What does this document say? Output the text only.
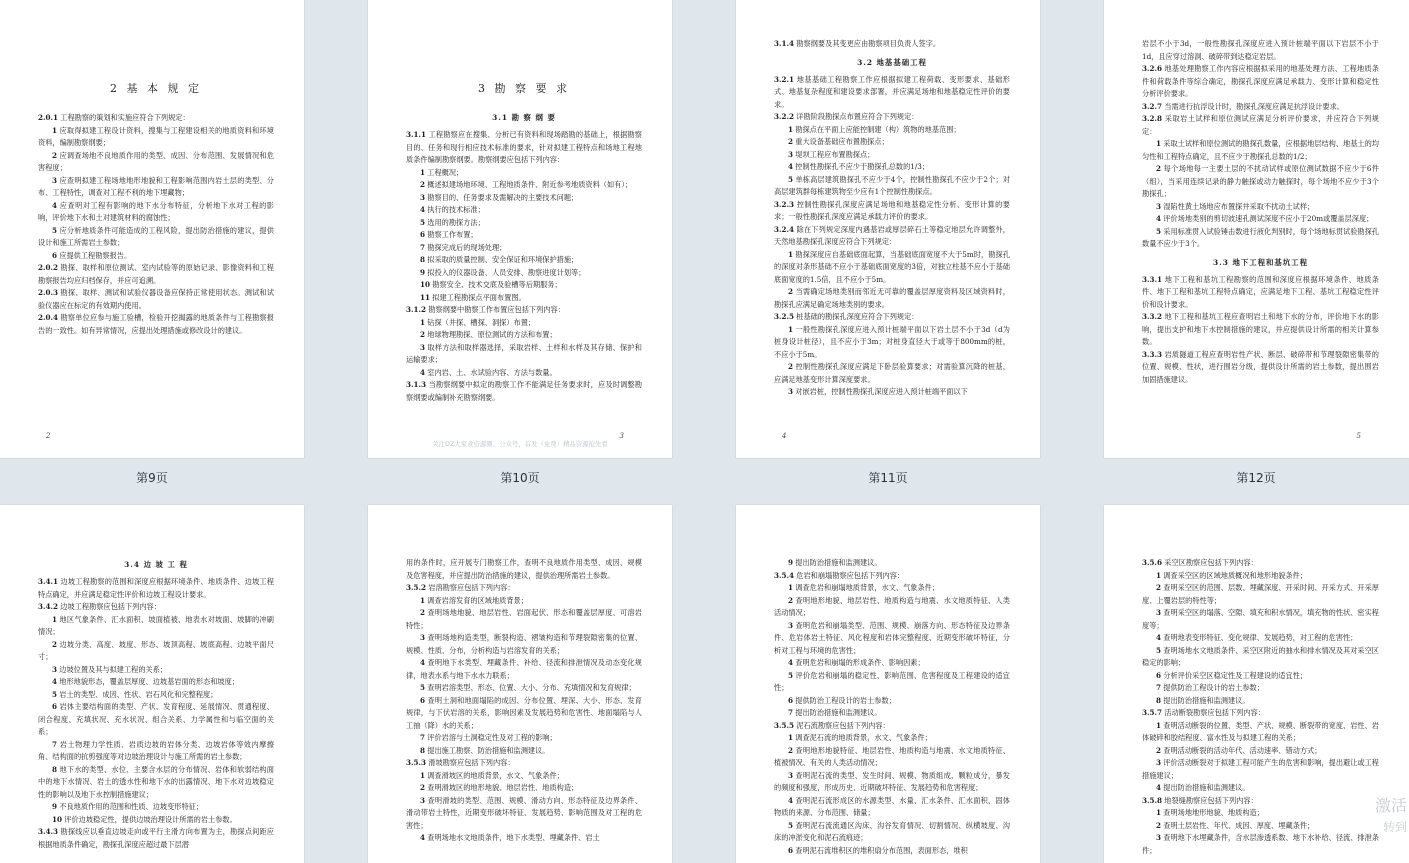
2 基 本 规 定

2.0.1 工程勘察的策划和实施应符合下列规定：

1 应取得拟建工程设计资料，搜集与工程建设相关的地质资料和环境资料，编制勘察纲要；

2 应调查场地不良地质作用的类型、成因、分布范围、发展情况和危害程度；

3 应查明拟建工程场地地形地貌和工程影响范围内岩土层的类型、分布、工程特性，调查对工程不利的地下埋藏物；

4 应查明对工程有影响的地下水分布特征，分析地下水对工程的影响，评价地下水和土对建筑材料的腐蚀性；

5 应分析地质条件可能造成的工程风险，提出防治措施的建议，提供设计和施工所需岩土参数；

6 应提供工程勘察报告。

2.0.2 勘探、取样和原位测试、室内试验等的原始记录、影像资料和工程勘察报告均应归档保存，并应可追溯。

2.0.3 勘探、取样、测试和试验仪器设备应保持正常使用状态。测试和试验仪器应在标定的有效期内使用。

2.0.4 勘察单位应参与施工验槽，检验开挖揭露的地质条件与工程勘察报告的一致性。如有异常情况，应提出处理措施或修改设计的建议。

2
第9页
3 勘 察 要 求
3.1 勘 察 纲 要

3.1.1 工程勘察应在搜集、分析已有资料和现场踏勘的基础上，根据勘察目的、任务和现行相应技术标准的要求，针对拟建工程特点和场地工程地质条件编制勘察纲要。勘察纲要应包括下列内容：

1 工程概况；

2 概述拟建场地环境、工程地质条件、附近参考地质资料（如有）；

3 勘察目的、任务要求及需解决的主要技术问题；

4 执行的技术标准；

5 选用的勘探方法；

6 勘察工作布置；

7 勘探完成后的现场处理；

8 拟采取的质量控制、安全保证和环境保护措施；

9 拟投入的仪器设备、人员安排、勘察进度计划等；

10 勘察安全、技术交底及验槽等后期服务；

11 拟建工程勘探点平面布置图。

3.1.2 勘察纲要中勘察工作布置应包括下列内容：

1 钻探（井探、槽探、洞探）布置；

2 地球物理勘探、原位测试的方法和布置；

3 取样方法和取样器选择，采取岩样、土样和水样及其存储、保护和运输要求；

4 室内岩、土、水试验内容、方法与数量。

3.1.3 当勘察纲要中拟定的勘察工作不能满足任务要求时，应及时调整勘察纲要或编制补充勘察纲要。

3
关注DZ大家食资源圈、公众号，首发（免费）精品资源抢先看
第10页

3.1.4 勘察纲要及其变更应由勘察项目负责人签字。

3.2 地基基础工程

3.2.1 地基基础工程勘察工作应根据拟建工程荷载、变形要求、基础形式、地基复杂程度和建设要求部署，并应满足场地和地基稳定性评价的要求。

3.2.2 详勘阶段勘探点布置应符合下列规定：

1 勘探点在平面上应能控制建（构）筑物的地基范围；

2 重大设备基础应布置勘探点；

3 堤坝工程应布置勘探点；

4 控制性勘探孔不应少于勘探孔总数的1/3；

5 单栋高层建筑勘探孔不应少于4个，控制性勘探孔不应少于2个；对高层建筑群每栋建筑物至少应有1个控制性勘探点。

3.2.3 控制性勘探孔深度应满足场地和地基稳定性分析、变形计算的要求；一般性勘探孔深度应满足承载力评价的要求。

3.2.4 除在下列规定深度内遇基岩或厚层碎石土等稳定地层允许调整外，天然地基勘探孔深度应符合下列规定：

1 勘探深度应自基础底面起算，当基础底面宽度不大于5m时，勘探孔的深度对条形基础不应小于基础底面宽度的3倍，对独立柱基不应小于基础底面宽度的1.5倍，且不应小于5m。

2 当需确定场地类别而邻近无可靠的覆盖层厚度资料及区域资料时，勘探孔应满足确定场地类别的要求。

3.2.5 桩基础的勘探孔深度应符合下列规定：

1 一般性勘探孔深度应进入预计桩端平面以下岩土层不小于3d（d为桩身设计桩径），且不应小于3m；对桩身直径大于或等于800mm的桩，不应小于5m。

2 控制性勘探孔深度应满足下卧层验算要求；对需验算沉降的桩基，应满足地基变形计算深度要求。

3 对嵌岩桩，控制性勘探孔深度应进入预计桩端平面以下

4
第11页

岩层不小于3d，一般性勘探孔深度应进入预计桩端平面以下岩层不小于1d，且应穿过溶洞、破碎带到达稳定岩层。

3.2.6 地基处理勘察工作内容应根据拟采用的地基处理方法、工程地质条件和荷载条件等综合确定，勘探孔深度应满足承载力、变形计算和稳定性分析评价要求。

3.2.7 当需进行抗浮设计时，勘探孔深度应满足抗浮设计要求。

3.2.8 采取岩土试样和原位测试应满足分析评价要求，并应符合下列规定：

1 采取土试样和原位测试的勘探孔数量，应根据地层结构、地基土的均匀性和工程特点确定，且不应少于勘探孔总数的1/2；

2 每个场地每一主要土层的不扰动试样或原位测试数据不应少于6件（组），当采用连续记录的静力触探或动力触探时，每个场地不应少于3个勘探孔；

3 湿陷性黄土场地应布置探井采取不扰动土试样；

4 评价场地类别的剪切波速孔测试深度不应小于20m或覆盖层深度；

5 采用标准贯入试验锤击数进行液化判别时，每个场地标贯试验勘探孔数量不应少于3个。

3.3 地下工程和基坑工程

3.3.1 地下工程和基坑工程勘察的范围和深度应根据环境条件、地质条件、地下工程和基坑工程特点确定，应满足地下工程、基坑工程稳定性评价和设计要求。

3.3.2 地下工程和基坑工程应查明岩土和地下水的分布，评价地下水的影响，提出支护和地下水控制措施的建议，并应提供设计所需的相关计算参数。

3.3.3 岩质隧道工程应查明岩性产状、断层、破碎带和节理裂隙密集带的位置、规模、性状，进行围岩分级，提供设计所需的岩土参数，提出围岩加固措施建议。

5
第12页
3.4 边 坡 工 程

3.4.1 边坡工程勘察的范围和深度应根据环境条件、地质条件、边坡工程特点确定，并应满足稳定性评价和边坡工程设计要求。

3.4.2 边坡工程勘察应包括下列内容：

1 地区气象条件、汇水面积、坡面植被、地表水对坡面、坡脚的冲刷情况；

2 边坡分类、高度、坡度、形态、坡顶高程、坡底高程、边坡平面尺寸；

3 边坡位置及其与拟建工程的关系；

4 地形地貌形态，覆盖层厚度、边坡基岩面的形态和坡度；

5 岩土的类型、成因、性状、岩石风化和完整程度；

6 岩体主要结构面的类型、产状、发育程度、延展情况、贯通程度、闭合程度、充填状况、充水状况、组合关系、力学属性和与临空面的关系；

7 岩土物理力学性质、岩质边坡的岩体分类、边坡岩体等效内摩擦角、结构面的抗剪强度等对边坡治理设计与施工所需的岩土参数；

8 地下水的类型、水位、主要含水层的分布情况、岩体和软弱结构面中的地下水情况、岩土的透水性和地下水的出露情况、地下水对边坡稳定性的影响以及地下水控制措施建议；

9 不良地质作用的范围和性质、边坡变形特征；

10 评价边坡稳定性，提供边坡治理设计所需的岩土参数。

3.4.3 勘探线应以垂直边坡走向或平行主滑方向布置为主，勘探点间距应根据地质条件确定，勘探孔深度应超过最下层潜

用的条件时，应开展专门勘察工作，查明不良地质作用类型、成因、规模及危害程度，并应提出防治措施的建议，提供治理所需岩土参数。

3.5.2 岩溶勘察应包括下列内容：

1 调查岩溶发育的区域地质背景；

2 查明场地地貌、地层岩性、岩面起伏、形态和覆盖层厚度、可溶岩特性；

3 查明场地构造类型，断裂构造、褶皱构造和节理裂隙密集的位置、规模、性质、分布，分析构造与岩溶发育的关系；

4 查明地下水类型、埋藏条件、补给、径流和排泄情况及动态变化规律，地表水系与地下水水力联系；

5 查明岩溶类型、形态、位置、大小、分布、充填情况和发育规律；

6 查明土洞和地面塌陷的成因、分布位置、埋深、大小、形态、发育规律，与下伏岩溶的关系，影响因素及发展趋势和危害性、地面塌陷与人工抽（降）水的关系；

7 评价岩溶与土洞稳定性及对工程的影响；

8 提出施工勘察、防治措施和监测建议。

3.5.3 滑坡勘察应包括下列内容：

1 调查滑坡区的地质背景，水文、气象条件；

2 查明滑坡区的地形地貌、地层岩性、地质构造；

3 查明滑坡的类型、范围、规模、滑动方向、形态特征及边界条件、滑动带岩土特性，近期变形破坏特征、发展趋势、影响范围及对工程的危害性；

4 查明场地水文地质条件，地下水类型、埋藏条件、岩土

9 提出防治措施和监测建议。

3.5.4 危岩和崩塌勘察应包括下列内容：

1 调查危岩和崩塌地质背景，水文、气象条件；

2 查明地形地貌、地层岩性、地质构造与地震、水文地质特征、人类活动情况；

3 查明危岩和崩塌类型、范围、规模、崩落方向、形态特征及边界条件、危岩体岩土特征、风化程度和岩体完整程度、近期变形破坏特征，分析对工程与环境的危害性；

4 查明危岩和崩塌的形成条件、影响因素；

5 评价危岩和崩塌的稳定性、影响范围、危害程度及工程建设的适宜性；

6 提供防治工程设计的岩土参数；

7 提出防治措施和监测建议。

3.5.5 泥石流勘察应包括下列内容：

1 调查泥石流的地质背景，水文、气象条件；

2 查明地形地貌特征、地层岩性、地质构造与地震、水文地质特征、植被情况、有关的人类活动情况；

3 查明泥石流的类型、发生时间、规模、物质组成、颗粒成分，暴发的频度和强度，形成历史、近期破坏特征、发展趋势和危害程度；

4 查明泥石流形成区的水源类型、水量、汇水条件、汇水面积，固体物质的来源、分布范围、储量；

5 查明泥石流流通区沟床、沟谷发育情况、切割情况、纵横坡度、沟床的冲淤变化和泥石流痕迹；

6 查明泥石流堆积区的堆积扇分布范围，表面形态，堆积

3.5.6 采空区勘察应包括下列内容：

1 调查采空区的区域地质概况和地形地貌条件；

2 查明采空区的范围、层数、埋藏深度、开采时间、开采方式、开采厚度、上覆岩层的特性等；

3 查明采空区的塌落、空隙、填充和积水情况，填充物的性状、密实程度等；

4 查明地表变形特征、变化规律、发展趋势，对工程的危害性；

5 查明场地水文地质条件、采空区附近的抽水和排水情况及其对采空区稳定的影响；

6 分析评价采空区稳定性及工程建设的适宜性；

7 提供防治工程设计的岩土参数；

8 提出防治措施和监测建议。

3.5.7 活动断裂勘察应包括下列内容：

1 查明活动断裂的位置、类型、产状、规模、断裂带的宽度、岩性、岩体破碎和胶结程度、富水性及与拟建工程的关系；

2 查明活动断裂的活动年代、活动速率、错动方式；

3 评价活动断裂对于拟建工程可能产生的危害和影响，提出避让或工程措施建议；

4 提出防治措施和监测建议。

3.5.8 地裂缝勘察应包括下列内容：

1 查明场地地形地貌、地质构造；

2 查明土层岩性、年代、成因、厚度、埋藏条件；

3 查明地下水埋藏条件，含水层渗透系数、地下水补给、径流、排泄条件；

激活
转到
